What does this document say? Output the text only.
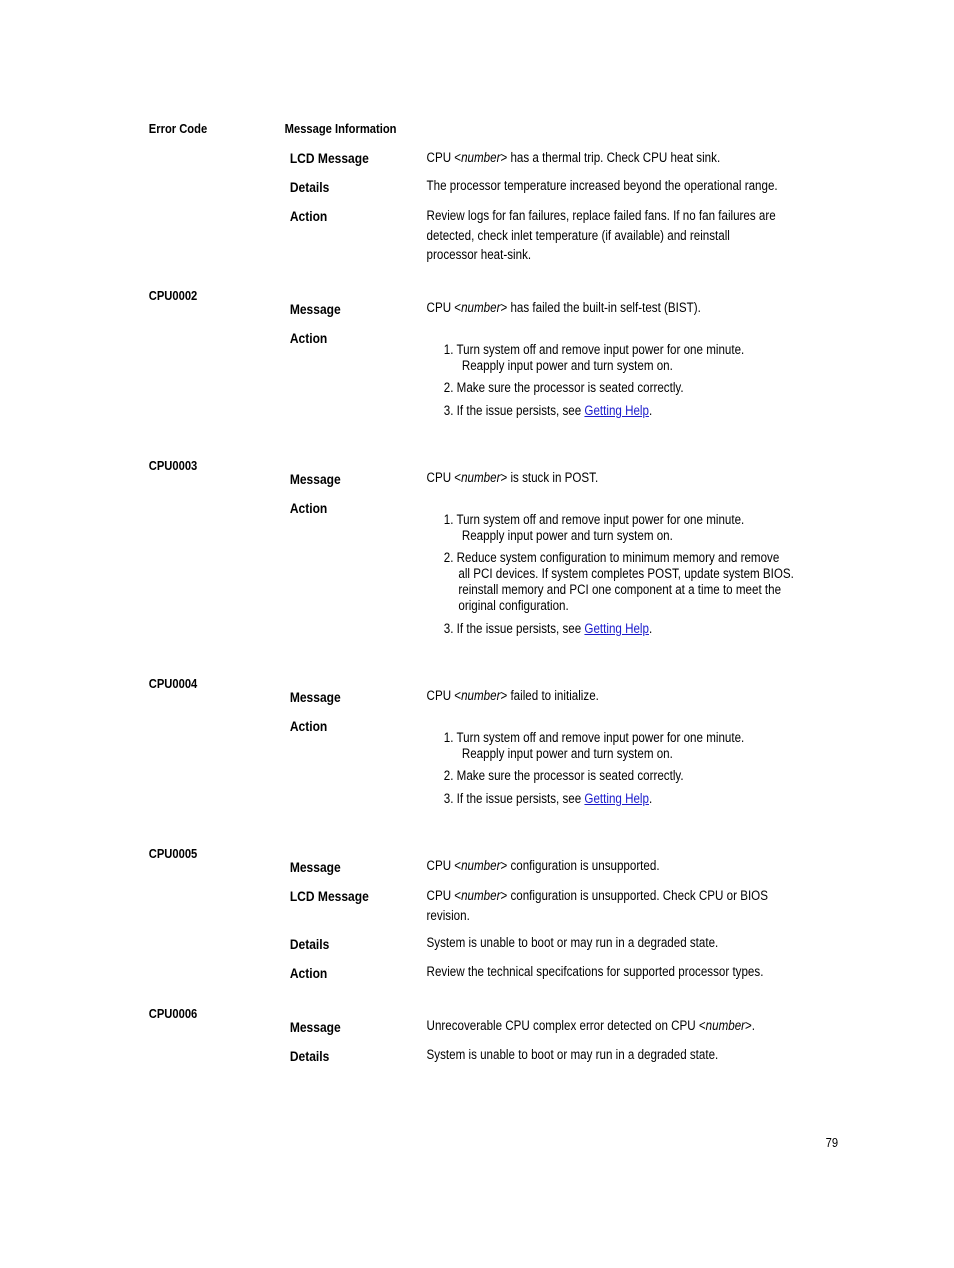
Error Code	Message Information
LCD Message	CPU <number> has a thermal trip. Check CPU heat sink.
Details	The processor temperature increased beyond the operational range.
Action	Review logs for fan failures, replace failed fans. If no fan failures are
detected, check inlet temperature (if available) and reinstall
processor heat-sink.
CPU0002
Message	CPU <number> has failed the built-in self-test (BIST).
Action
1. Turn system off and remove input power for one minute.
Reapply input power and turn system on.
2. Make sure the processor is seated correctly.
3. If the issue persists, see Getting Help.
CPU0003
Message	CPU <number> is stuck in POST.
Action
1. Turn system off and remove input power for one minute.
Reapply input power and turn system on.
2. Reduce system configuration to minimum memory and remove
all PCI devices. If system completes POST, update system BIOS.
reinstall memory and PCI one component at a time to meet the
original configuration.
3. If the issue persists, see Getting Help.
CPU0004
Message	CPU <number> failed to initialize.
Action
1. Turn system off and remove input power for one minute.
Reapply input power and turn system on.
2. Make sure the processor is seated correctly.
3. If the issue persists, see Getting Help.
CPU0005
Message	CPU <number> configuration is unsupported.
LCD Message	CPU <number> configuration is unsupported. Check CPU or BIOS
revision.
Details	System is unable to boot or may run in a degraded state.
Action	Review the technical specifcations for supported processor types.
CPU0006
Message	Unrecoverable CPU complex error detected on CPU <number>.
Details	System is unable to boot or may run in a degraded state.
79
